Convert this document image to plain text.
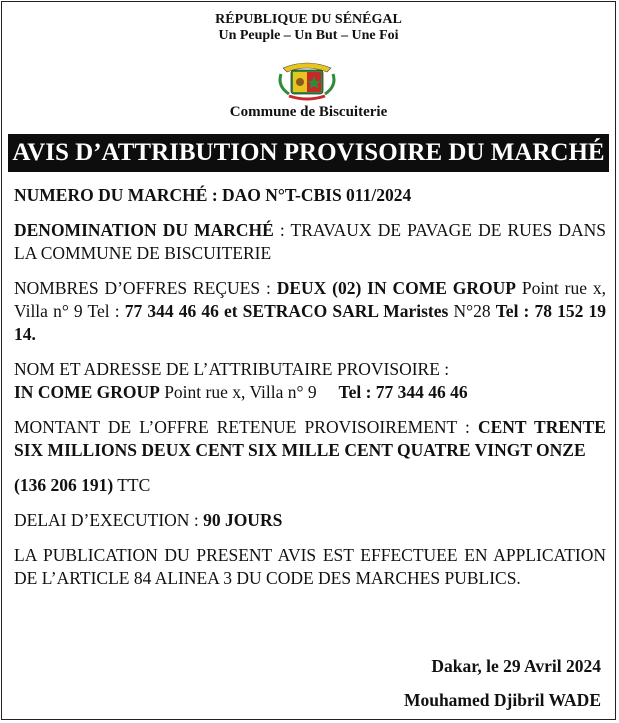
RÉPUBLIQUE DU SÉNÉGAL
Un Peuple – Un But – Une Foi
Commune de Biscuiterie
AVIS D’ATTRIBUTION PROVISOIRE DU MARCHÉ

NUMERO DU MARCHÉ : DAO N°T-CBIS 011/2024

DENOMINATION DU MARCHÉ : TRAVAUX DE PAVAGE DE RUES DANS LA COMMUNE DE BISCUITERIE

NOMBRES D’OFFRES REÇUES : DEUX (02) IN COME GROUP Point rue x, Villa n° 9 Tel : 77 344 46 46 et SETRACO SARL Maristes N°28 Tel : 78 152 19 14.

NOM ET ADRESSE DE L’ATTRIBUTAIRE PROVISOIRE :
IN COME GROUP Point rue x, Villa n° 9 Tel : 77 344 46 46

MONTANT DE L’OFFRE RETENUE PROVISOIREMENT : CENT TRENTE SIX MILLIONS DEUX CENT SIX MILLE CENT QUATRE VINGT ONZE

(136 206 191) TTC

DELAI D’EXECUTION : 90 JOURS

LA PUBLICATION DU PRESENT AVIS EST EFFECTUEE EN APPLICATION DE L’ARTICLE 84 ALINEA 3 DU CODE DES MARCHES PUBLICS.

Dakar, le 29 Avril 2024
Mouhamed Djibril WADE
